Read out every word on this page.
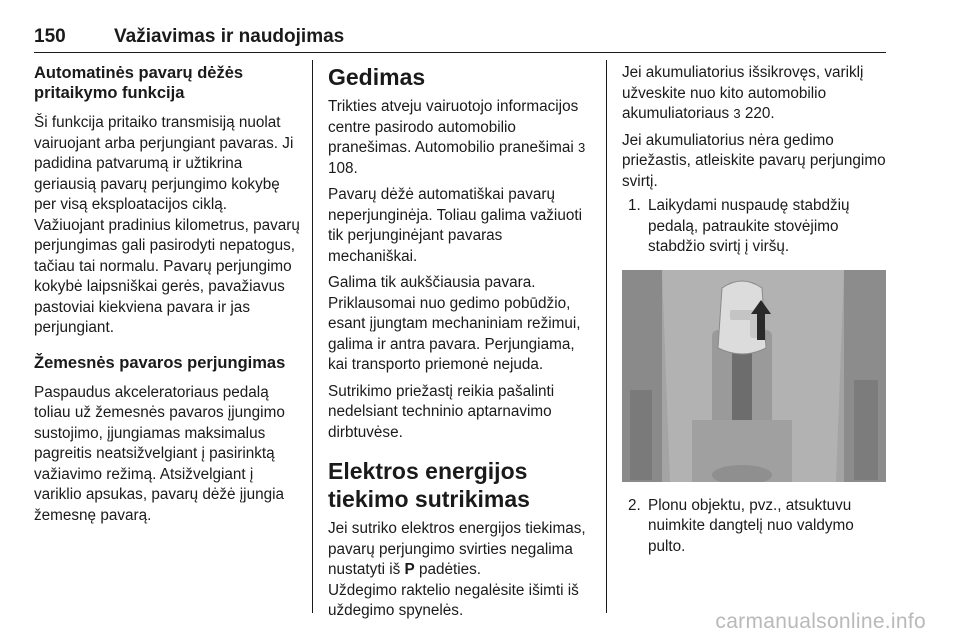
150	Važiavimas ir naudojimas
Automatinės pavarų dėžės pritaikymo funkcija

Ši funkcija pritaiko transmisiją nuolat vairuojant arba perjungiant pavaras. Ji padidina patvarumą ir užtikrina geriausią pavarų perjungimo kokybę per visą eksploatacijos ciklą. Važiuojant pradinius kilometrus, pavarų perjungimas gali pasirodyti nepatogus, tačiau tai normalu. Pavarų perjungimo kokybė laipsniškai gerės, pavažiavus pastoviai kiekviena pavara ir jas perjungiant.

Žemesnės pavaros perjungimas

Paspaudus akceleratoriaus pedalą toliau už žemesnės pavaros įjungimo sustojimo, įjungiamas maksimalus pagreitis neatsižvelgiant į pasirinktą važiavimo režimą. Atsižvelgiant į variklio apsukas, pavarų dėžė įjungia žemesnę pavarą.

Gedimas

Trikties atveju vairuotojo informacijos centre pasirodo automobilio pranešimas. Automobilio pranešimai 3 108.

Pavarų dėžė automatiškai pavarų neperjunginėja. Toliau galima važiuoti tik perjunginėjant pavaras mechaniškai.

Galima tik aukščiausia pavara. Priklausomai nuo gedimo pobūdžio, esant įjungtam mechaniniam režimui, galima ir antra pavara. Perjungiama, kai transporto priemonė nejuda.

Sutrikimo priežastį reikia pašalinti nedelsiant techninio aptarnavimo dirbtuvėse.

Elektros energijos tiekimo sutrikimas

Jei sutriko elektros energijos tiekimas, pavarų perjungimo svirties negalima nustatyti iš P padėties.

Uždegimo raktelio negalėsite išimti iš uždegimo spynelės.

Jei akumuliatorius išsikrovęs, variklį užveskite nuo kito automobilio akumuliatoriaus 3 220.

Jei akumuliatorius nėra gedimo priežastis, atleiskite pavarų perjungimo svirtį.

1. Laikydami nuspaudę stabdžių pedalą, patraukite stovėjimo stabdžio svirtį į viršų.
2. Plonu objektu, pvz., atsuktuvu nuimkite dangtelį nuo valdymo pulto.
carmanualsonline.info
